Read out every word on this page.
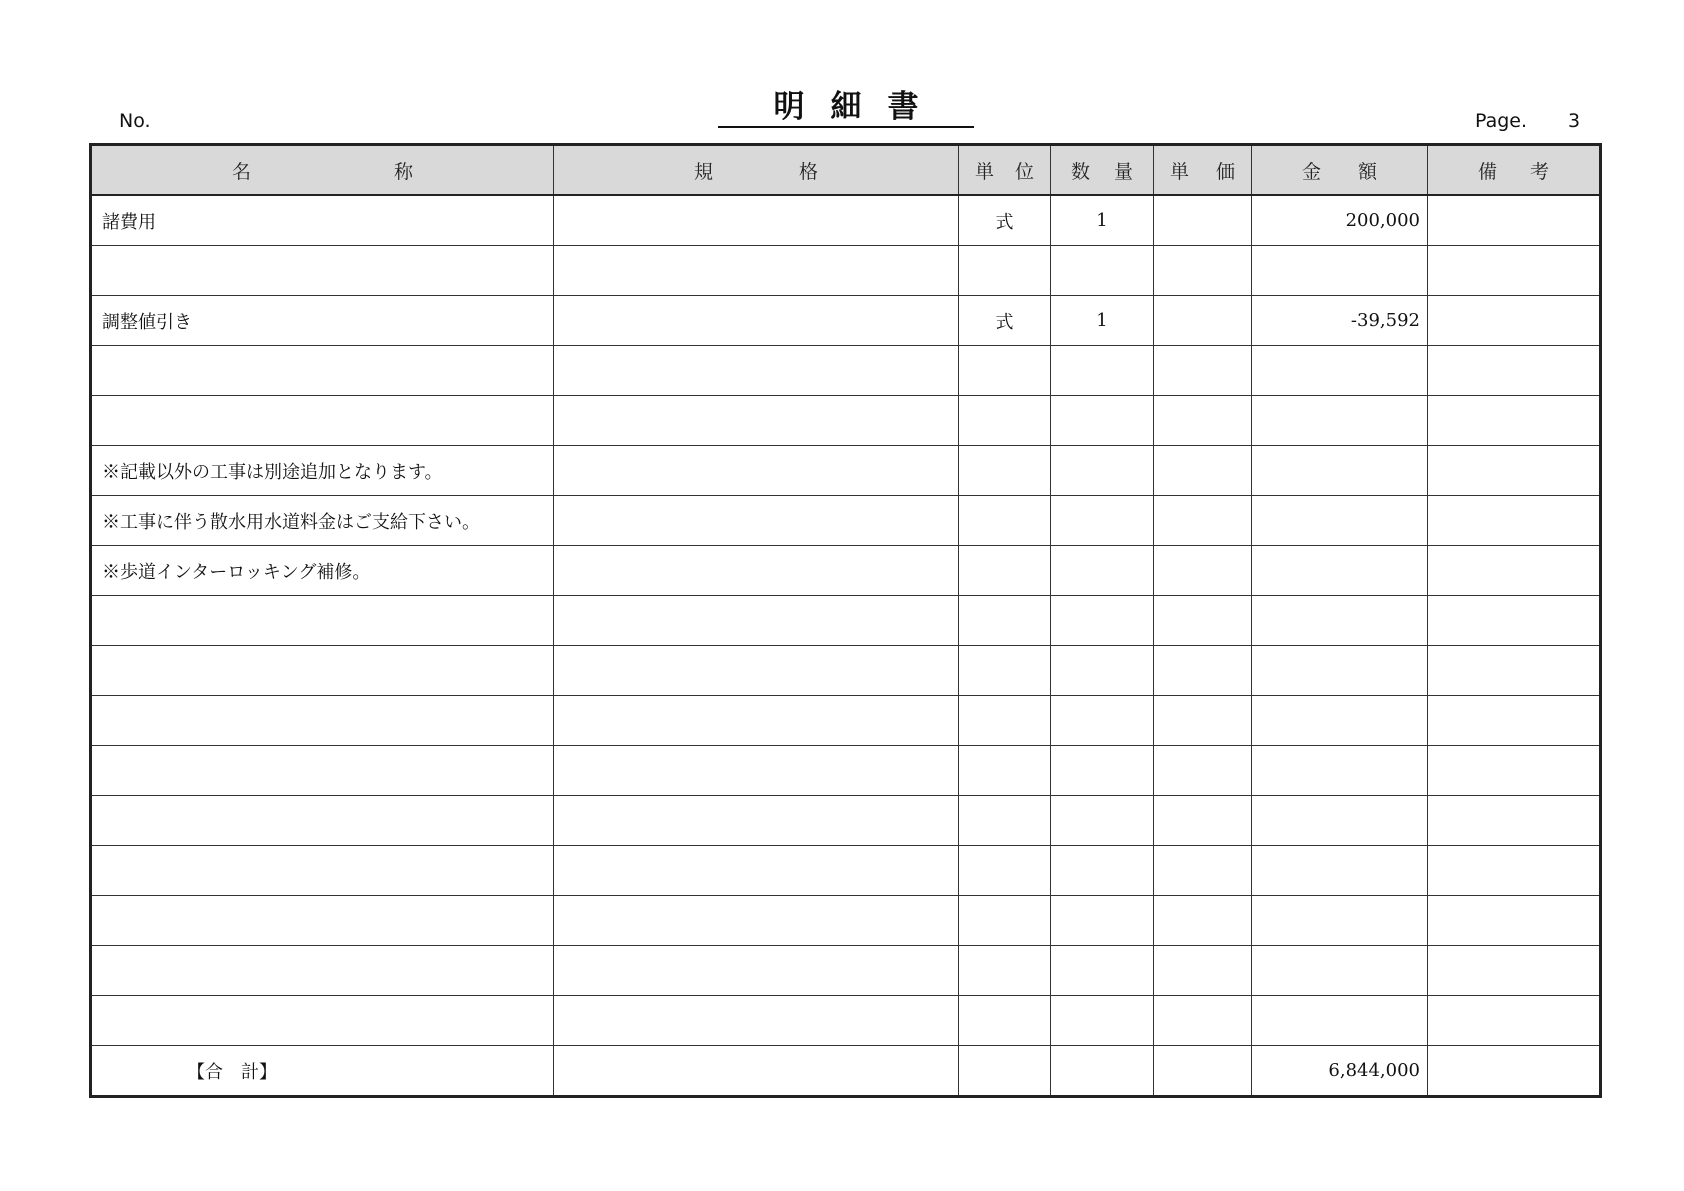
No.	明細書	Page. 3
名 称	規 格	単 位	数 量	単 価	金 額	備 考

諸費用		式	1		200,000	

調整値引き		式	1		-39,592	

※記載以外の工事は別途追加となります。						
※工事に伴う散水用水道料金はご支給下さい。						
※歩道インターロッキング補修。						

【合　計】					6,844,000	
